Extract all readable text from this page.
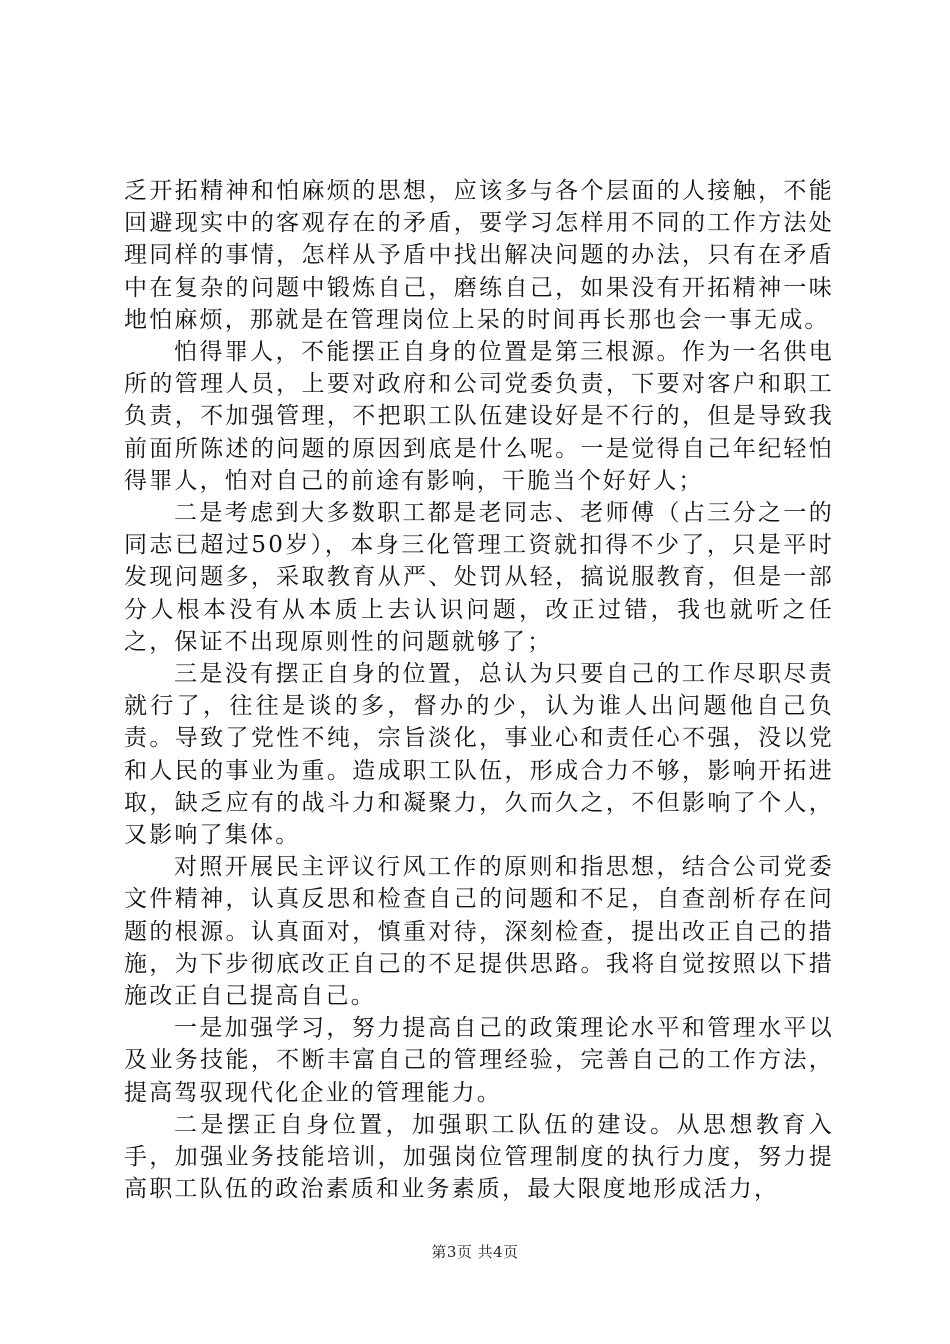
乏开拓精神和怕麻烦的思想，应该多与各个层面的人接触，不能回避现实中的客观存在的矛盾，要学习怎样用不同的工作方法处理同样的事情，怎样从予盾中找出解决问题的办法，只有在矛盾中在复杂的问题中锻炼自己，磨练自己，如果没有开拓精神一味地怕麻烦，那就是在管理岗位上呆的时间再长那也会一事无成。

怕得罪人，不能摆正自身的位置是第三根源。作为一名供电所的管理人员，上要对政府和公司党委负责，下要对客户和职工负责，不加强管理，不把职工队伍建设好是不行的，但是导致我前面所陈述的问题的原因到底是什么呢。一是觉得自己年纪轻怕得罪人，怕对自己的前途有影响，干脆当个好好人；

二是考虑到大多数职工都是老同志、老师傅（占三分之一的同志已超过50岁），本身三化管理工资就扣得不少了，只是平时发现问题多，采取教育从严、处罚从轻，搞说服教育，但是一部分人根本没有从本质上去认识问题，改正过错，我也就听之任之，保证不出现原则性的问题就够了；

三是没有摆正自身的位置，总认为只要自己的工作尽职尽责就行了，往往是谈的多，督办的少，认为谁人出问题他自己负责。导致了党性不纯，宗旨淡化，事业心和责任心不强，没以党和人民的事业为重。造成职工队伍，形成合力不够，影响开拓进取，缺乏应有的战斗力和凝聚力，久而久之，不但影响了个人，又影响了集体。

对照开展民主评议行风工作的原则和指思想，结合公司党委文件精神，认真反思和检查自己的问题和不足，自查剖析存在问题的根源。认真面对，慎重对待，深刻检查，提出改正自己的措施，为下步彻底改正自己的不足提供思路。我将自觉按照以下措施改正自己提高自己。

一是加强学习，努力提高自己的政策理论水平和管理水平以及业务技能，不断丰富自己的管理经验，完善自己的工作方法，提高驾驭现代化企业的管理能力。

二是摆正自身位置，加强职工队伍的建设。从思想教育入手，加强业务技能培训，加强岗位管理制度的执行力度，努力提高职工队伍的政治素质和业务素质，最大限度地形成活力，

第3页 共4页
